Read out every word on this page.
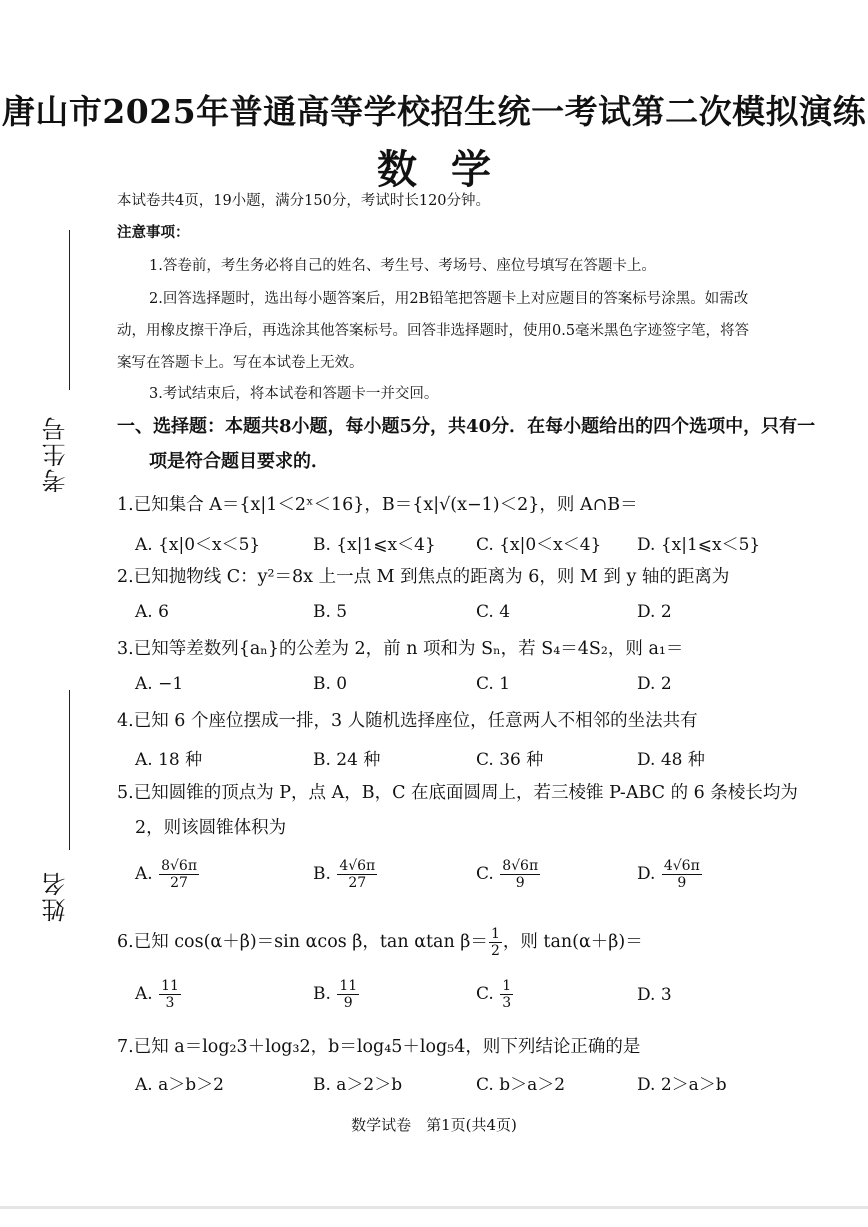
唐山市2025年普通高等学校招生统一考试第二次模拟演练
数学
本试卷共4页，19小题，满分150分，考试时长120分钟。
注意事项：
1.答卷前，考生务必将自己的姓名、考生号、考场号、座位号填写在答题卡上。
2.回答选择题时，选出每小题答案后，用2B铅笔把答题卡上对应题目的答案标号涂黑。如需改
动，用橡皮擦干净后，再选涂其他答案标号。回答非选择题时，使用0.5毫米黑色字迹签字笔，将答
案写在答题卡上。写在本试卷上无效。
3.考试结束后，将本试卷和答题卡一并交回。
考生号
姓名
一、选择题：本题共8小题，每小题5分，共40分．在每小题给出的四个选项中，只有一
项是符合题目要求的．
1.已知集合 A＝{x|1＜2ˣ＜16}，B＝{x|√(x−1)＜2}，则 A∩B＝
A. {x|0＜x＜5}	B. {x|1⩽x＜4} C. {x|0＜x＜4} D. {x|1⩽x＜5}
2.已知抛物线 C：y²＝8x 上一点 M 到焦点的距离为 6，则 M 到 y 轴的距离为
A. 6	B. 5	C. 4	D. 2
3.已知等差数列{aₙ}的公差为 2，前 n 项和为 Sₙ，若 S₄＝4S₂，则 a₁＝
A. −1	B. 0	C. 1	D. 2
4.已知 6 个座位摆成一排，3 人随机选择座位，任意两人不相邻的坐法共有
A. 18 种	B. 24 种	C. 36 种	D. 48 种
5.已知圆锥的顶点为 P，点 A，B，C 在底面圆周上，若三棱锥 P-ABC 的 6 条棱长均为
2，则该圆锥体积为
A. $\frac{8√6\pi}{27}$	B. $\frac{4√6\pi}{27}$	C. $\frac{8√6\pi}{9}$	D. $\frac{4√6\pi}{9}$
6.已知 cos(α＋β)＝sin αcos β，tan αtan $\beta= \frac{1}{2}$ ，则 tan(α＋β)＝
A. $\frac{11}{3}$	B. $\frac{11}{9}$	C. $\frac{1}{3}$	D. 3
7.已知 a＝log₂3＋log₃2，b＝log₄5＋log₅4，则下列结论正确的是
A. a＞b＞2	B. a＞2＞b	C. b＞a＞2	D. 2＞a＞b
数学试卷　第1页(共4页)
